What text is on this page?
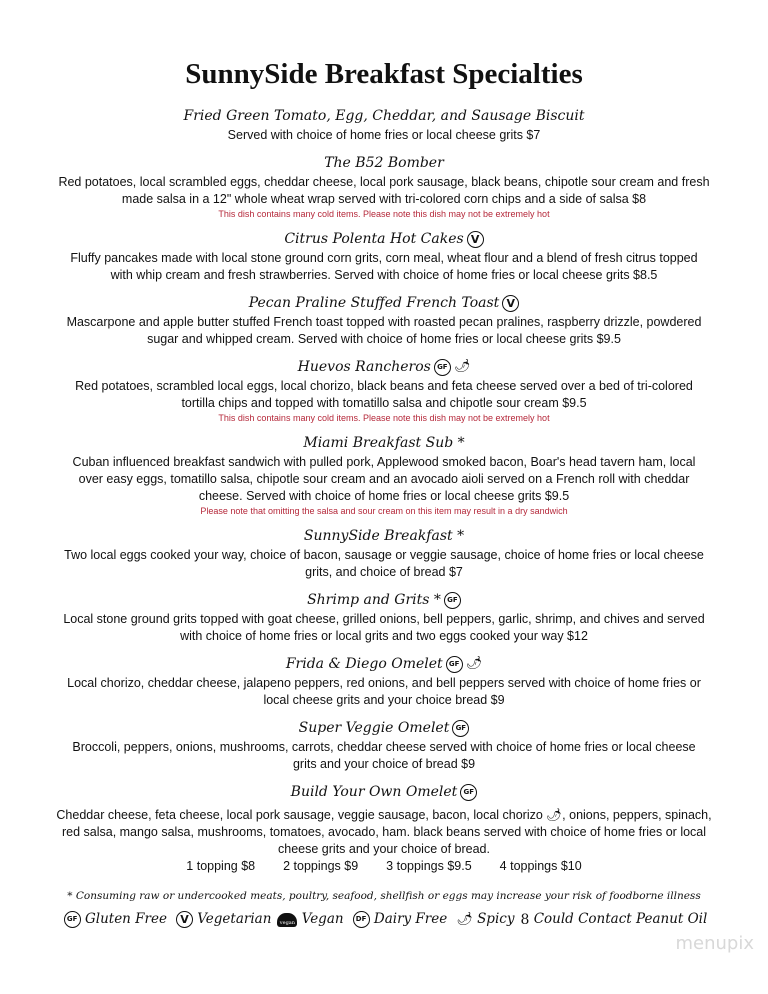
SunnySide Breakfast Specialties
Fried Green Tomato, Egg, Cheddar, and Sausage Biscuit
Served with choice of home fries or local cheese grits $7
The B52 Bomber
Red potatoes, local scrambled eggs, cheddar cheese, local pork sausage, black beans, chipotle sour cream and fresh
made salsa in a 12" whole wheat wrap served with tri-colored corn chips and a side of salsa $8
This dish contains many cold items. Please note this dish may not be extremely hot
Citrus Polenta Hot Cakes V
Fluffy pancakes made with local stone ground corn grits, corn meal, wheat flour and a blend of fresh citrus topped
with whip cream and fresh strawberries. Served with choice of home fries or local cheese grits $8.5
Pecan Praline Stuffed French Toast V
Mascarpone and apple butter stuffed French toast topped with roasted pecan pralines, raspberry drizzle, powdered
sugar and whipped cream. Served with choice of home fries or local cheese grits $9.5
Huevos Rancheros GF 🌶
Red potatoes, scrambled local eggs, local chorizo, black beans and feta cheese served over a bed of tri-colored
tortilla chips and topped with tomatillo salsa and chipotle sour cream $9.5
This dish contains many cold items. Please note this dish may not be extremely hot
Miami Breakfast Sub *
Cuban influenced breakfast sandwich with pulled pork, Applewood smoked bacon, Boar's head tavern ham, local
over easy eggs, tomatillo salsa, chipotle sour cream and an avocado aioli served on a French roll with cheddar
cheese. Served with choice of home fries or local cheese grits $9.5
Please note that omitting the salsa and sour cream on this item may result in a dry sandwich
SunnySide Breakfast *
Two local eggs cooked your way, choice of bacon, sausage or veggie sausage, choice of home fries or local cheese
grits, and choice of bread $7
Shrimp and Grits * GF
Local stone ground grits topped with goat cheese, grilled onions, bell peppers, garlic, shrimp, and chives and served
with choice of home fries or local grits and two eggs cooked your way $12
Frida & Diego Omelet GF 🌶
Local chorizo, cheddar cheese, jalapeno peppers, red onions, and bell peppers served with choice of home fries or
local cheese grits and your choice bread $9
Super Veggie Omelet GF
Broccoli, peppers, onions, mushrooms, carrots, cheddar cheese served with choice of home fries or local cheese
grits and your choice of bread $9
Build Your Own Omelet GF
Cheddar cheese, feta cheese, local pork sausage, veggie sausage, bacon, local chorizo 🌶, onions, peppers, spinach,
red salsa, mango salsa, mushrooms, tomatoes, avocado, ham. black beans served with choice of home fries or local
cheese grits and your choice of bread.
1 topping $8 2 toppings $9 3 toppings $9.5 4 toppings $10
* Consuming raw or undercooked meats, poultry, seafood, shellfish or eggs may increase your risk of foodborne illness
GF Gluten Free V Vegetarian vegan Vegan DF Dairy Free 🌶 Spicy 8 Could Contact Peanut Oil
menupix
